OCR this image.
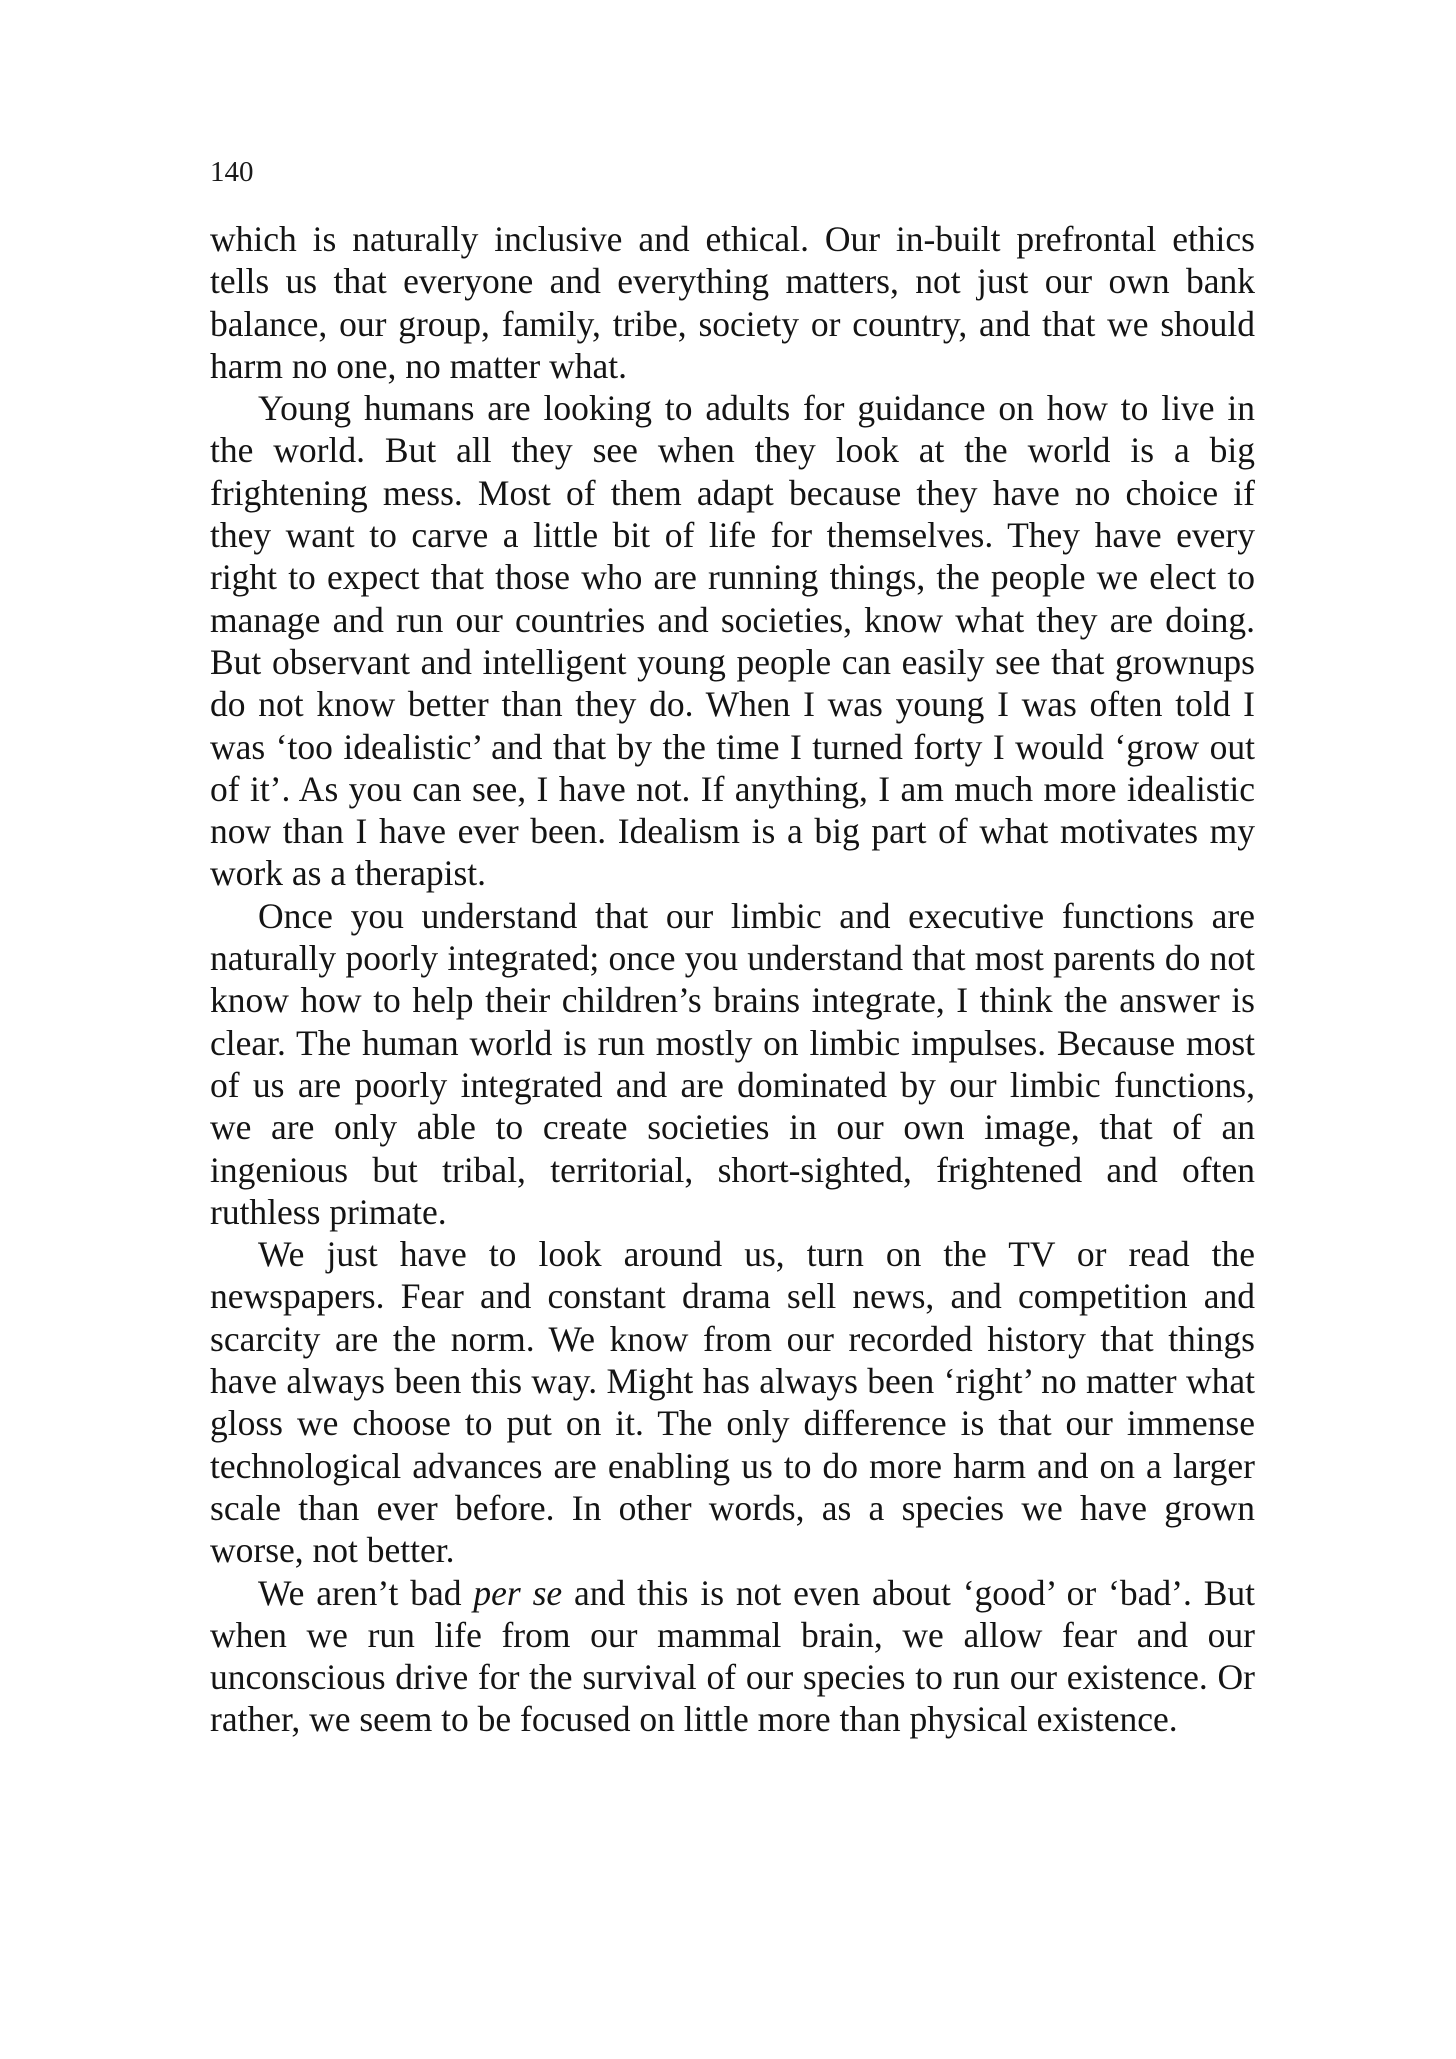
140

which is naturally inclusive and ethical. Our in-built prefrontal ethics tells us that everyone and everything matters, not just our own bank balance, our group, family, tribe, society or country, and that we should harm no one, no matter what.

Young humans are looking to adults for guidance on how to live in the world. But all they see when they look at the world is a big frightening mess. Most of them adapt because they have no choice if they want to carve a little bit of life for themselves. They have every right to expect that those who are running things, the people we elect to manage and run our countries and societies, know what they are doing. But observant and intelligent young people can easily see that grownups do not know better than they do. When I was young I was often told I was ‘too idealistic’ and that by the time I turned forty I would ‘grow out of it’. As you can see, I have not. If anything, I am much more idealistic now than I have ever been. Idealism is a big part of what motivates my work as a therapist.

Once you understand that our limbic and executive functions are naturally poorly integrated; once you understand that most parents do not know how to help their children’s brains integrate, I think the answer is clear. The human world is run mostly on limbic impulses. Because most of us are poorly integrated and are dominated by our limbic functions, we are only able to create societies in our own image, that of an ingenious but tribal, territorial, short-sighted, frightened and often ruthless primate.

We just have to look around us, turn on the TV or read the newspapers. Fear and constant drama sell news, and competition and scarcity are the norm. We know from our recorded history that things have always been this way. Might has always been ‘right’ no matter what gloss we choose to put on it. The only difference is that our immense technological advances are enabling us to do more harm and on a larger scale than ever before. In other words, as a species we have grown worse, not better.

We aren’t bad per se and this is not even about ‘good’ or ‘bad’. But when we run life from our mammal brain, we allow fear and our unconscious drive for the survival of our species to run our existence. Or rather, we seem to be focused on little more than physical existence.
